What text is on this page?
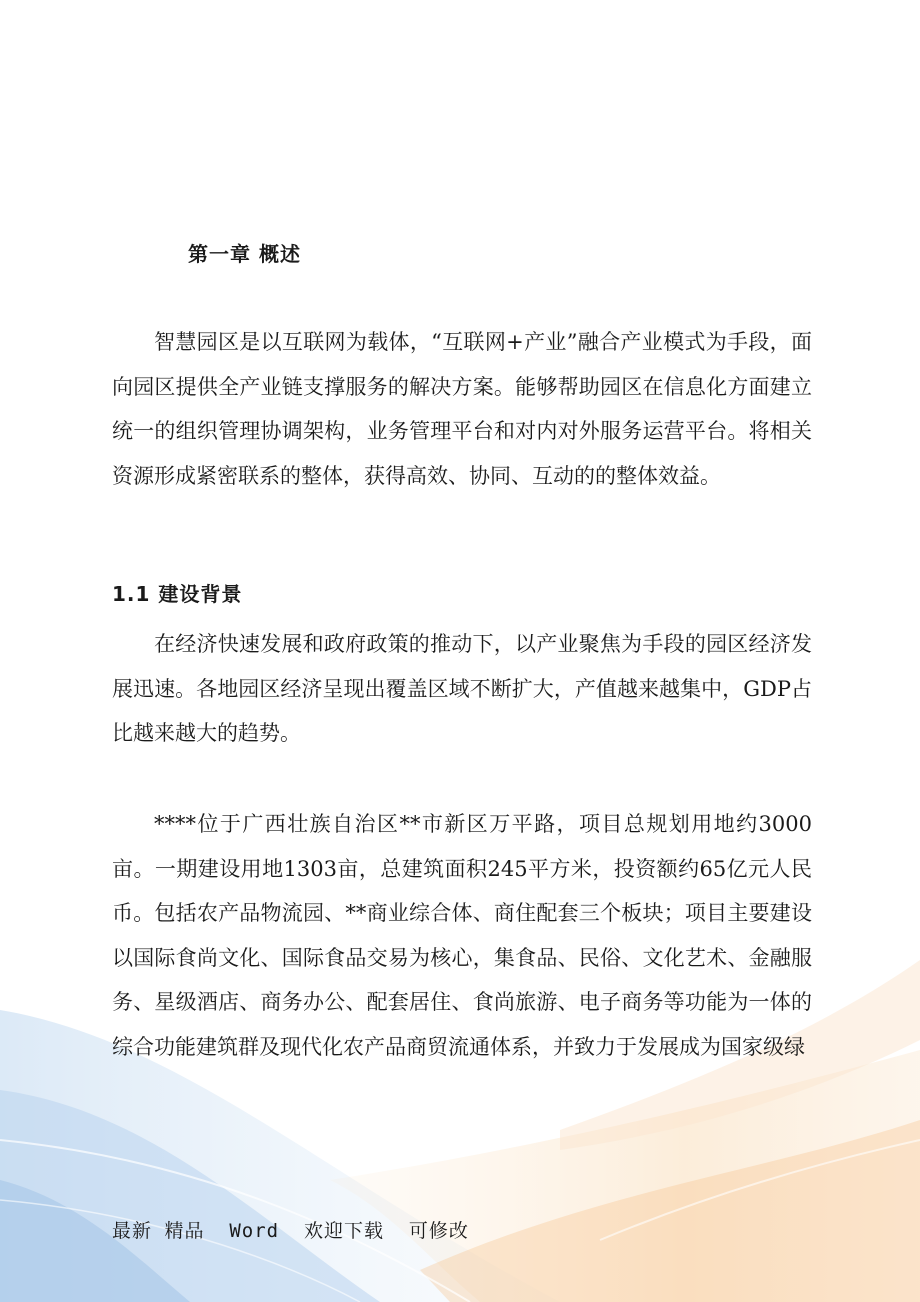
第一章 概述

智慧园区是以互联网为载体，“互联网+产业”融合产业模式为手段，面向园区提供全产业链支撑服务的解决方案。能够帮助园区在信息化方面建立统一的组织管理协调架构，业务管理平台和对内对外服务运营平台。将相关资源形成紧密联系的整体，获得高效、协同、互动的的整体效益。

1.1 建设背景

在经济快速发展和政府政策的推动下，以产业聚焦为手段的园区经济发展迅速。各地园区经济呈现出覆盖区域不断扩大，产值越来越集中，GDP占比越来越大的趋势。

****位于广西壮族自治区**市新区万平路，项目总规划用地约3000亩。一期建设用地1303亩，总建筑面积245平方米，投资额约65亿元人民币。包括农产品物流园、**商业综合体、商住配套三个板块；项目主要建设以国际食尚文化、国际食品交易为核心，集食品、民俗、文化艺术、金融服务、星级酒店、商务办公、配套居住、食尚旅游、电子商务等功能为一体的综合功能建筑群及现代化农产品商贸流通体系，并致力于发展成为国家级绿

最新 精品  Word  欢迎下载  可修改
